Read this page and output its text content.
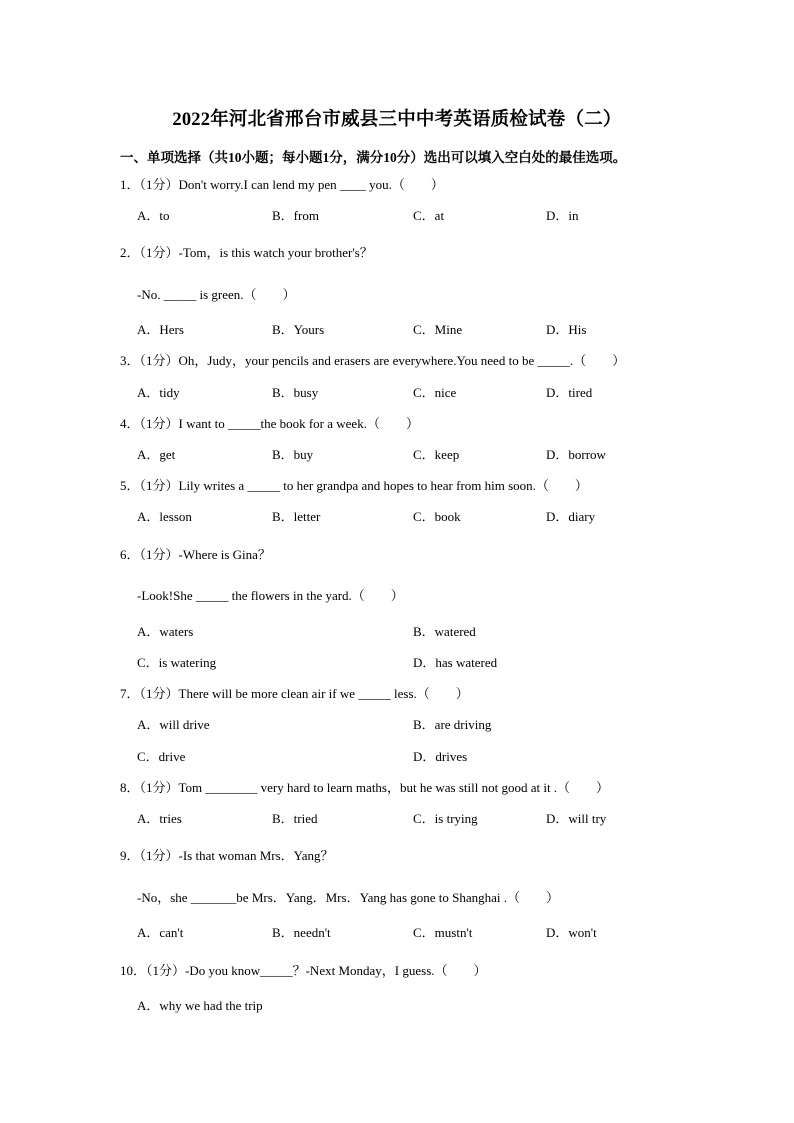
2022年河北省邢台市威县三中中考英语质检试卷（二）
一、单项选择（共10小题；每小题1分，满分10分）选出可以填入空白处的最佳选项。
1．（1分）Don't worry.I can lend my pen ____ you.（　　）
A．to	B．from	C．at	D．in
2．（1分）-Tom，is this watch your brother's？
-No. _____ is green.（　　）
A．Hers	B．Yours	C．Mine	D．His
3．（1分）Oh，Judy，your pencils and erasers are everywhere.You need to be _____.（　　）
A．tidy	B．busy	C．nice	D．tired
4．（1分）I want to _____the book for a week.（　　）
A．get	B．buy	C．keep	D．borrow
5．（1分）Lily writes a _____ to her grandpa and hopes to hear from him soon.（　　）
A．lesson	B．letter	C．book	D．diary
6．（1分）-Where is Gina？
-Look!She _____ the flowers in the yard.（　　）
A．waters	B．watered
C．is watering	D．has watered
7．（1分）There will be more clean air if we _____ less.（　　）
A．will drive	B．are driving
C．drive	D．drives
8．（1分）Tom ________ very hard to learn maths，but he was still not good at it .（　　）
A．tries	B．tried	C．is trying	D．will try
9．（1分）-Is that woman Mrs．Yang？
-No，she _______be Mrs．Yang．Mrs．Yang has gone to Shanghai .（　　）
A．can't	B．needn't	C．mustn't	D．won't
10．（1分）-Do you know_____？-Next Monday，I guess.（　　）
A．why we had the trip
